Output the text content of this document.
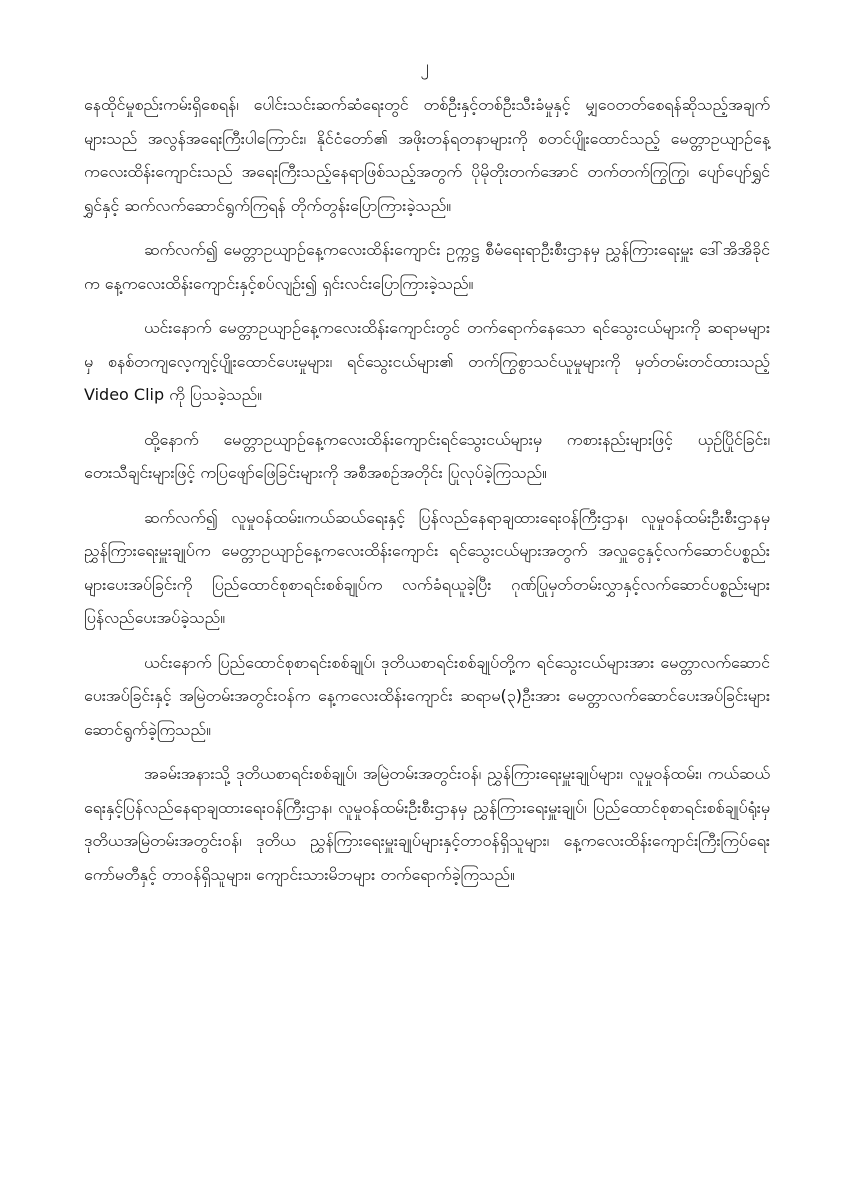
၂

နေထိုင်မှုစည်းကမ်းရှိစေရန်၊ ပေါင်းသင်းဆက်ဆံရေးတွင် တစ်ဦးနှင့်တစ်ဦးသီးခံမှုနှင့် မျှဝေတတ်စေရန်ဆိုသည့်အချက်များသည် အလွန်အရေးကြီးပါကြောင်း၊ နိုင်ငံတော်၏ အဖိုးတန်ရတနာများကို စတင်ပျိုးထောင်သည့် မေတ္တာဥယျာဉ်နေ့ကလေးထိန်းကျောင်းသည် အရေးကြီးသည့်နေရာဖြစ်သည့်အတွက် ပိုမိုတိုးတက်အောင် တက်တက်ကြွကြွ၊ ပျော်ပျော်ရွှင်ရွှင်နှင့် ဆက်လက်ဆောင်ရွက်ကြရန် တိုက်တွန်းပြောကြားခဲ့သည်။

ဆက်လက်၍ မေတ္တာဥယျာဉ်နေ့ကလေးထိန်းကျောင်း ဥက္ကဋ္ဌ စီမံရေးရာဦးစီးဌာနမှ ညွှန်ကြားရေးမှူး ဒေါ်အိအိခိုင်က နေ့ကလေးထိန်းကျောင်းနှင့်စပ်လျဉ်း၍ ရှင်းလင်းပြောကြားခဲ့သည်။

ယင်းနောက် မေတ္တာဥယျာဉ်နေ့ကလေးထိန်းကျောင်းတွင် တက်ရောက်နေသော ရင်သွေးငယ်များကို ဆရာမများမှ စနစ်တကျလေ့ကျင့်ပျိုးထောင်ပေးမှုများ၊ ရင်သွေးငယ်များ၏ တက်ကြွစွာသင်ယူမှုများကို မှတ်တမ်းတင်ထားသည့် Video Clip ကို ပြသခဲ့သည်။

ထို့နောက် မေတ္တာဥယျာဉ်နေ့ကလေးထိန်းကျောင်းရင်သွေးငယ်များမှ ကစားနည်းများဖြင့် ယှဉ်ပြိုင်ခြင်း၊ တေးသီချင်းများဖြင့် ကပြဖျော်ဖြေခြင်းများကို အစီအစဉ်အတိုင်း ပြုလုပ်ခဲ့ကြသည်။

ဆက်လက်၍ လူမှုဝန်ထမ်း၊ကယ်ဆယ်ရေးနှင့် ပြန်လည်နေရာချထားရေးဝန်ကြီးဌာန၊ လူမှုဝန်ထမ်းဦးစီးဌာနမှ ညွှန်ကြားရေးမှူးချုပ်က မေတ္တာဥယျာဉ်နေ့ကလေးထိန်းကျောင်း ရင်သွေးငယ်များအတွက် အလှူငွေနှင့်လက်ဆောင်ပစ္စည်းများပေးအပ်ခြင်းကို ပြည်ထောင်စုစာရင်းစစ်ချုပ်က လက်ခံရယူခဲ့ပြီး ဂုဏ်ပြုမှတ်တမ်းလွှာနှင့်လက်ဆောင်ပစ္စည်းများ ပြန်လည်ပေးအပ်ခဲ့သည်။

ယင်းနောက် ပြည်ထောင်စုစာရင်းစစ်ချုပ်၊ ဒုတိယစာရင်းစစ်ချုပ်တို့က ရင်သွေးငယ်များအား မေတ္တာလက်ဆောင်ပေးအပ်ခြင်းနှင့် အမြဲတမ်းအတွင်းဝန်က နေ့ကလေးထိန်းကျောင်း ဆရာမ(၃)ဦးအား မေတ္တာလက်ဆောင်ပေးအပ်ခြင်းများ ဆောင်ရွက်ခဲ့ကြသည်။

အခမ်းအနားသို့ ဒုတိယစာရင်းစစ်ချုပ်၊ အမြဲတမ်းအတွင်းဝန်၊ ညွှန်ကြားရေးမှူးချုပ်များ၊ လူမှုဝန်ထမ်း၊ ကယ်ဆယ်ရေးနှင့်ပြန်လည်နေရာချထားရေးဝန်ကြီးဌာန၊ လူမှုဝန်ထမ်းဦးစီးဌာနမှ ညွှန်ကြားရေးမှူးချုပ်၊ ပြည်ထောင်စုစာရင်းစစ်ချုပ်ရုံးမှ ဒုတိယအမြဲတမ်းအတွင်းဝန်၊ ဒုတိယ ညွှန်ကြားရေးမှူးချုပ်များနှင့်တာဝန်ရှိသူများ၊ နေ့ကလေးထိန်းကျောင်းကြီးကြပ်ရေးကော်မတီနှင့် တာဝန်ရှိသူများ၊ ကျောင်းသားမိဘများ တက်ရောက်ခဲ့ကြသည်။
